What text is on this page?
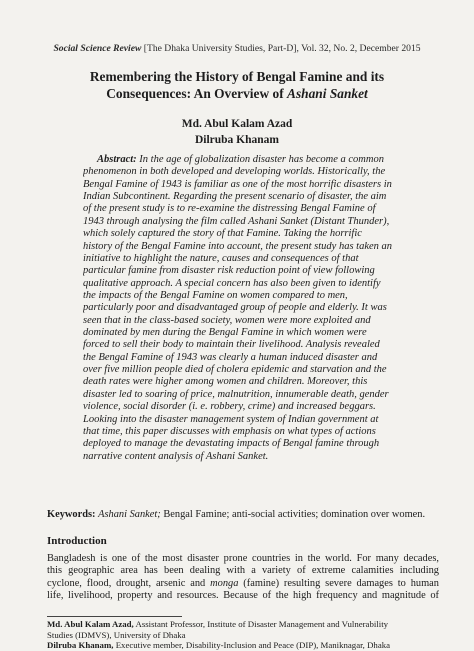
Social Science Review [The Dhaka University Studies, Part-D], Vol. 32, No. 2, December 2015
Remembering the History of Bengal Famine and its
Consequences: An Overview of Ashani Sanket
Md. Abul Kalam Azad
Dilruba Khanam
Abstract: In the age of globalization disaster has become a common
phenomenon in both developed and developing worlds. Historically, the
Bengal Famine of 1943 is familiar as one of the most horrific disasters in
Indian Subcontinent. Regarding the present scenario of disaster, the aim
of the present study is to re-examine the distressing Bengal Famine of
1943 through analysing the film called Ashani Sanket (Distant Thunder),
which solely captured the story of that Famine. Taking the horrific
history of the Bengal Famine into account, the present study has taken an
initiative to highlight the nature, causes and consequences of that
particular famine from disaster risk reduction point of view following
qualitative approach. A special concern has also been given to identify
the impacts of the Bengal Famine on women compared to men,
particularly poor and disadvantaged group of people and elderly. It was
seen that in the class-based society, women were more exploited and
dominated by men during the Bengal Famine in which women were
forced to sell their body to maintain their livelihood. Analysis revealed
the Bengal Famine of 1943 was clearly a human induced disaster and
over five million people died of cholera epidemic and starvation and the
death rates were higher among women and children. Moreover, this
disaster led to soaring of price, malnutrition, innumerable death, gender
violence, social disorder (i. e. robbery, crime) and increased beggars.
Looking into the disaster management system of Indian government at
that time, this paper discusses with emphasis on what types of actions
deployed to manage the devastating impacts of Bengal famine through
narrative content analysis of Ashani Sanket.
Keywords: Ashani Sanket; Bengal Famine; anti-social activities; domination over women.
Introduction
Bangladesh is one of the most disaster prone countries in the world. For many decades,
this geographic area has been dealing with a variety of extreme calamities including
cyclone, flood, drought, arsenic and monga (famine) resulting severe damages to human
life, livelihood, property and resources. Because of the high frequency and magnitude of
Md. Abul Kalam Azad, Assistant Professor, Institute of Disaster Management and Vulnerability
Studies (IDMVS), University of Dhaka
Dilruba Khanam, Executive member, Disability-Inclusion and Peace (DIP), Maniknagar, Dhaka
